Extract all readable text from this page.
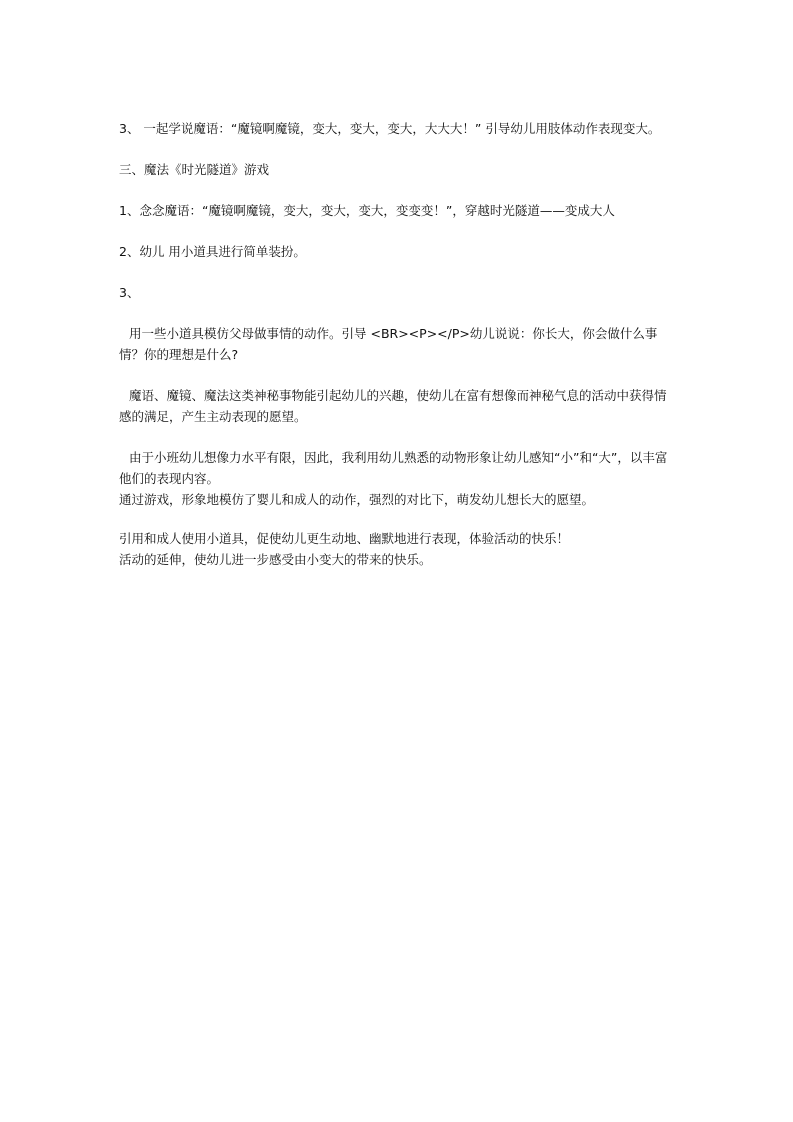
3、 一起学说魔语：“魔镜啊魔镜，变大，变大，变大，大大大！” 引导幼儿用肢体动作表现变大。

三、魔法《时光隧道》游戏

1、念念魔语：“魔镜啊魔镜，变大，变大，变大，变变变！”，穿越时光隧道——变成大人

2、幼儿 用小道具进行简单装扮。

3、

用一些小道具模仿父母做事情的动作。引导 <BR><P></P>幼儿说说：你长大，你会做什么事情？你的理想是什么?

魔语、魔镜、魔法这类神秘事物能引起幼儿的兴趣，使幼儿在富有想像而神秘气息的活动中获得情感的满足，产生主动表现的愿望。

由于小班幼儿想像力水平有限，因此，我利用幼儿熟悉的动物形象让幼儿感知“小”和“大”，以丰富他们的表现内容。

通过游戏，形象地模仿了婴儿和成人的动作，强烈的对比下，萌发幼儿想长大的愿望。

引用和成人使用小道具，促使幼儿更生动地、幽默地进行表现，体验活动的快乐！

活动的延伸，使幼儿进一步感受由小变大的带来的快乐。
